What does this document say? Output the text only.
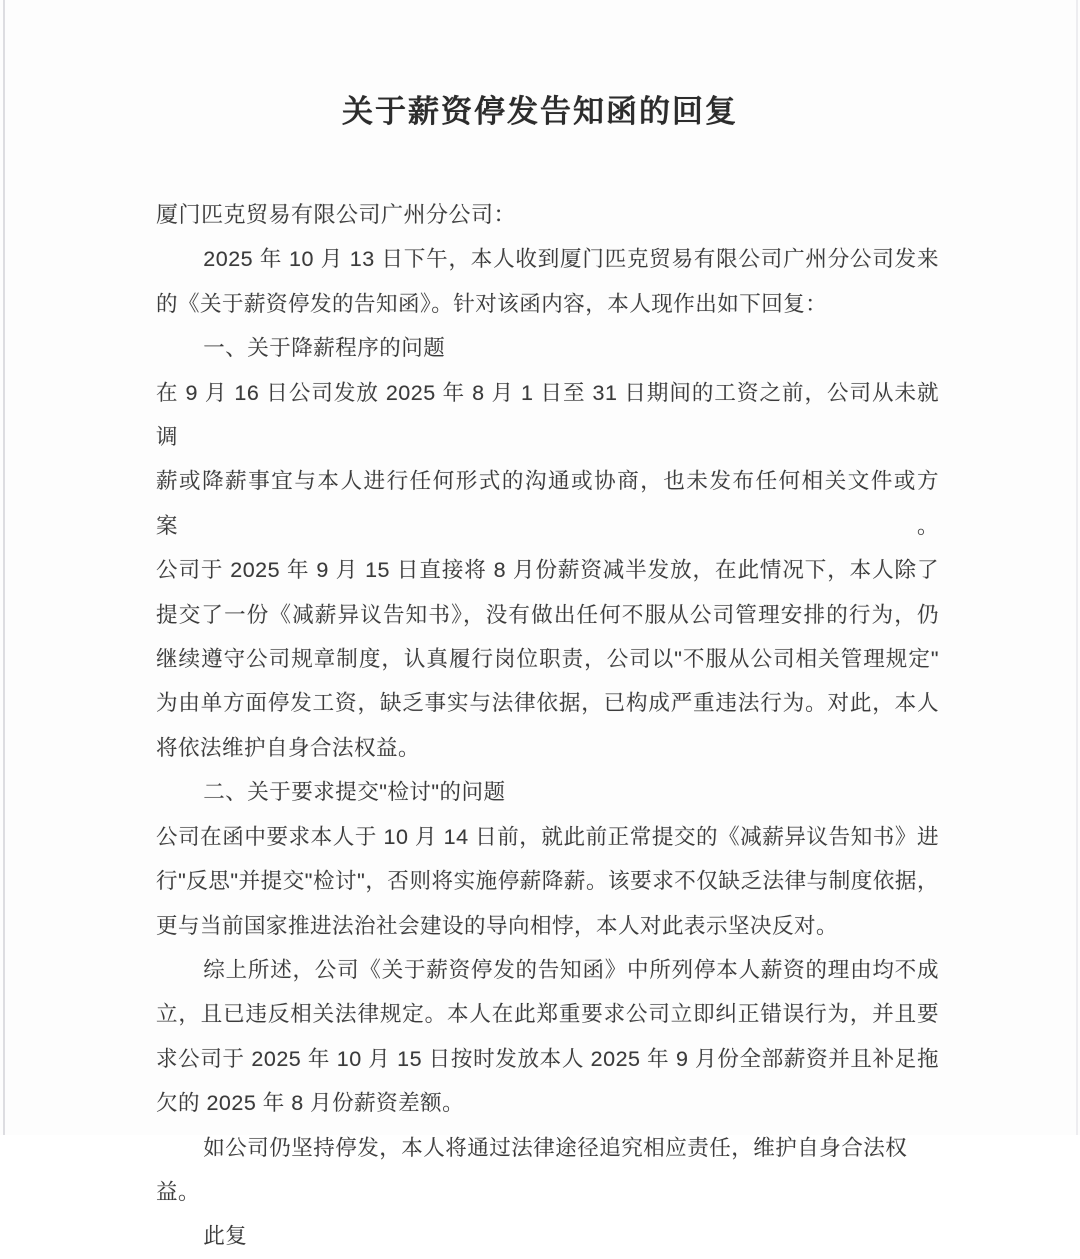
关于薪资停发告知函的回复
厦门匹克贸易有限公司广州分公司：
2025 年 10 月 13 日下午，本人收到厦门匹克贸易有限公司广州分公司发来
的《关于薪资停发的告知函》。针对该函内容，本人现作出如下回复：
一、关于降薪程序的问题
在 9 月 16 日公司发放 2025 年 8 月 1 日至 31 日期间的工资之前，公司从未就调
薪或降薪事宜与本人进行任何形式的沟通或协商，也未发布任何相关文件或方案。
公司于 2025 年 9 月 15 日直接将 8 月份薪资减半发放，在此情况下，本人除了
提交了一份《减薪异议告知书》，没有做出任何不服从公司管理安排的行为，仍
继续遵守公司规章制度，认真履行岗位职责，公司以"不服从公司相关管理规定"
为由单方面停发工资，缺乏事实与法律依据，已构成严重违法行为。对此，本人
将依法维护自身合法权益。
二、关于要求提交"检讨"的问题
公司在函中要求本人于 10 月 14 日前，就此前正常提交的《减薪异议告知书》进
行"反思"并提交"检讨"，否则将实施停薪降薪。该要求不仅缺乏法律与制度依据，
更与当前国家推进法治社会建设的导向相悖，本人对此表示坚决反对。
综上所述，公司《关于薪资停发的告知函》中所列停本人薪资的理由均不成
立，且已违反相关法律规定。本人在此郑重要求公司立即纠正错误行为，并且要
求公司于 2025 年 10 月 15 日按时发放本人 2025 年 9 月份全部薪资并且补足拖
欠的 2025 年 8 月份薪资差额。
如公司仍坚持停发，本人将通过法律途径追究相应责任，维护自身合法权益。
此复
